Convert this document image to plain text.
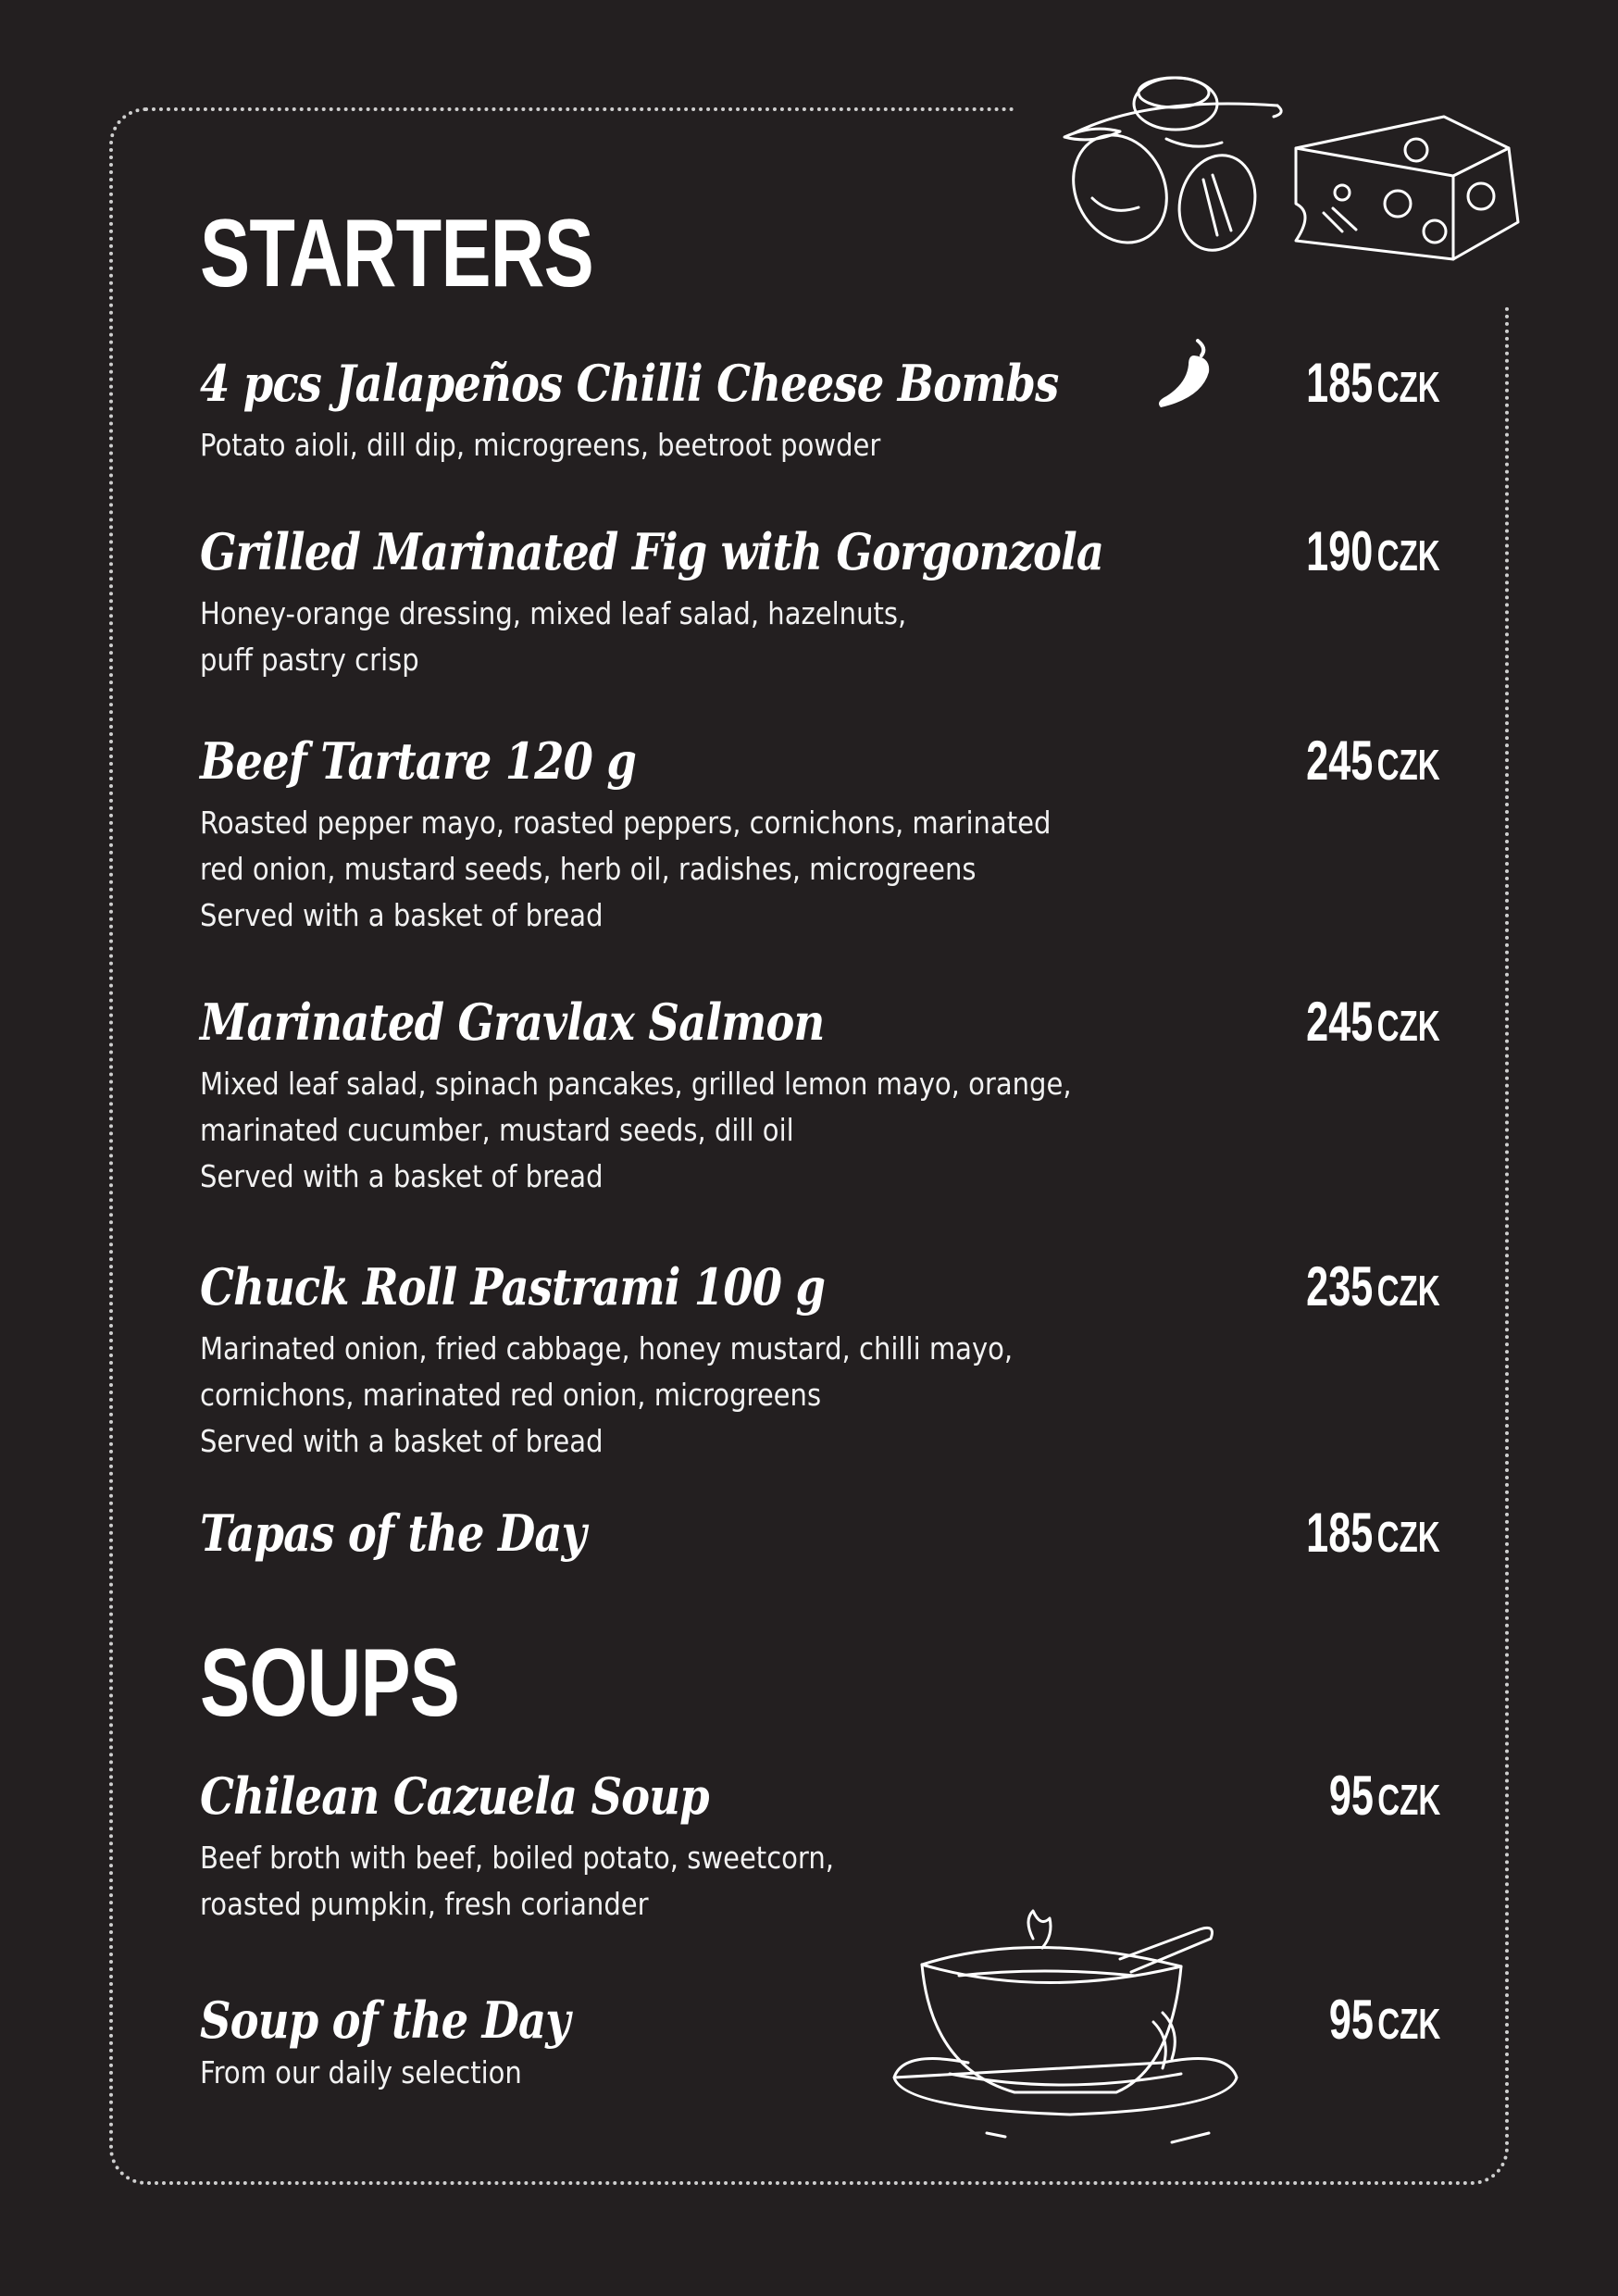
STARTERS
4 pcs Jalapeños Chilli Cheese Bombs
Potato aioli, dill dip, microgreens, beetroot powder
185CZK
Grilled Marinated Fig with Gorgonzola
Honey-orange dressing, mixed leaf salad, hazelnuts,
puff pastry crisp
190CZK
Beef Tartare 120 g
Roasted pepper mayo, roasted peppers, cornichons, marinated
red onion, mustard seeds, herb oil, radishes, microgreens
Served with a basket of bread
245CZK
Marinated Gravlax Salmon
Mixed leaf salad, spinach pancakes, grilled lemon mayo, orange,
marinated cucumber, mustard seeds, dill oil
Served with a basket of bread
245CZK
Chuck Roll Pastrami 100 g
Marinated onion, fried cabbage, honey mustard, chilli mayo,
cornichons, marinated red onion, microgreens
Served with a basket of bread
235CZK
Tapas of the Day	185CZK
SOUPS
Chilean Cazuela Soup
Beef broth with beef, boiled potato, sweetcorn,
roasted pumpkin, fresh coriander
95CZK
Soup of the Day
From our daily selection
95CZK
